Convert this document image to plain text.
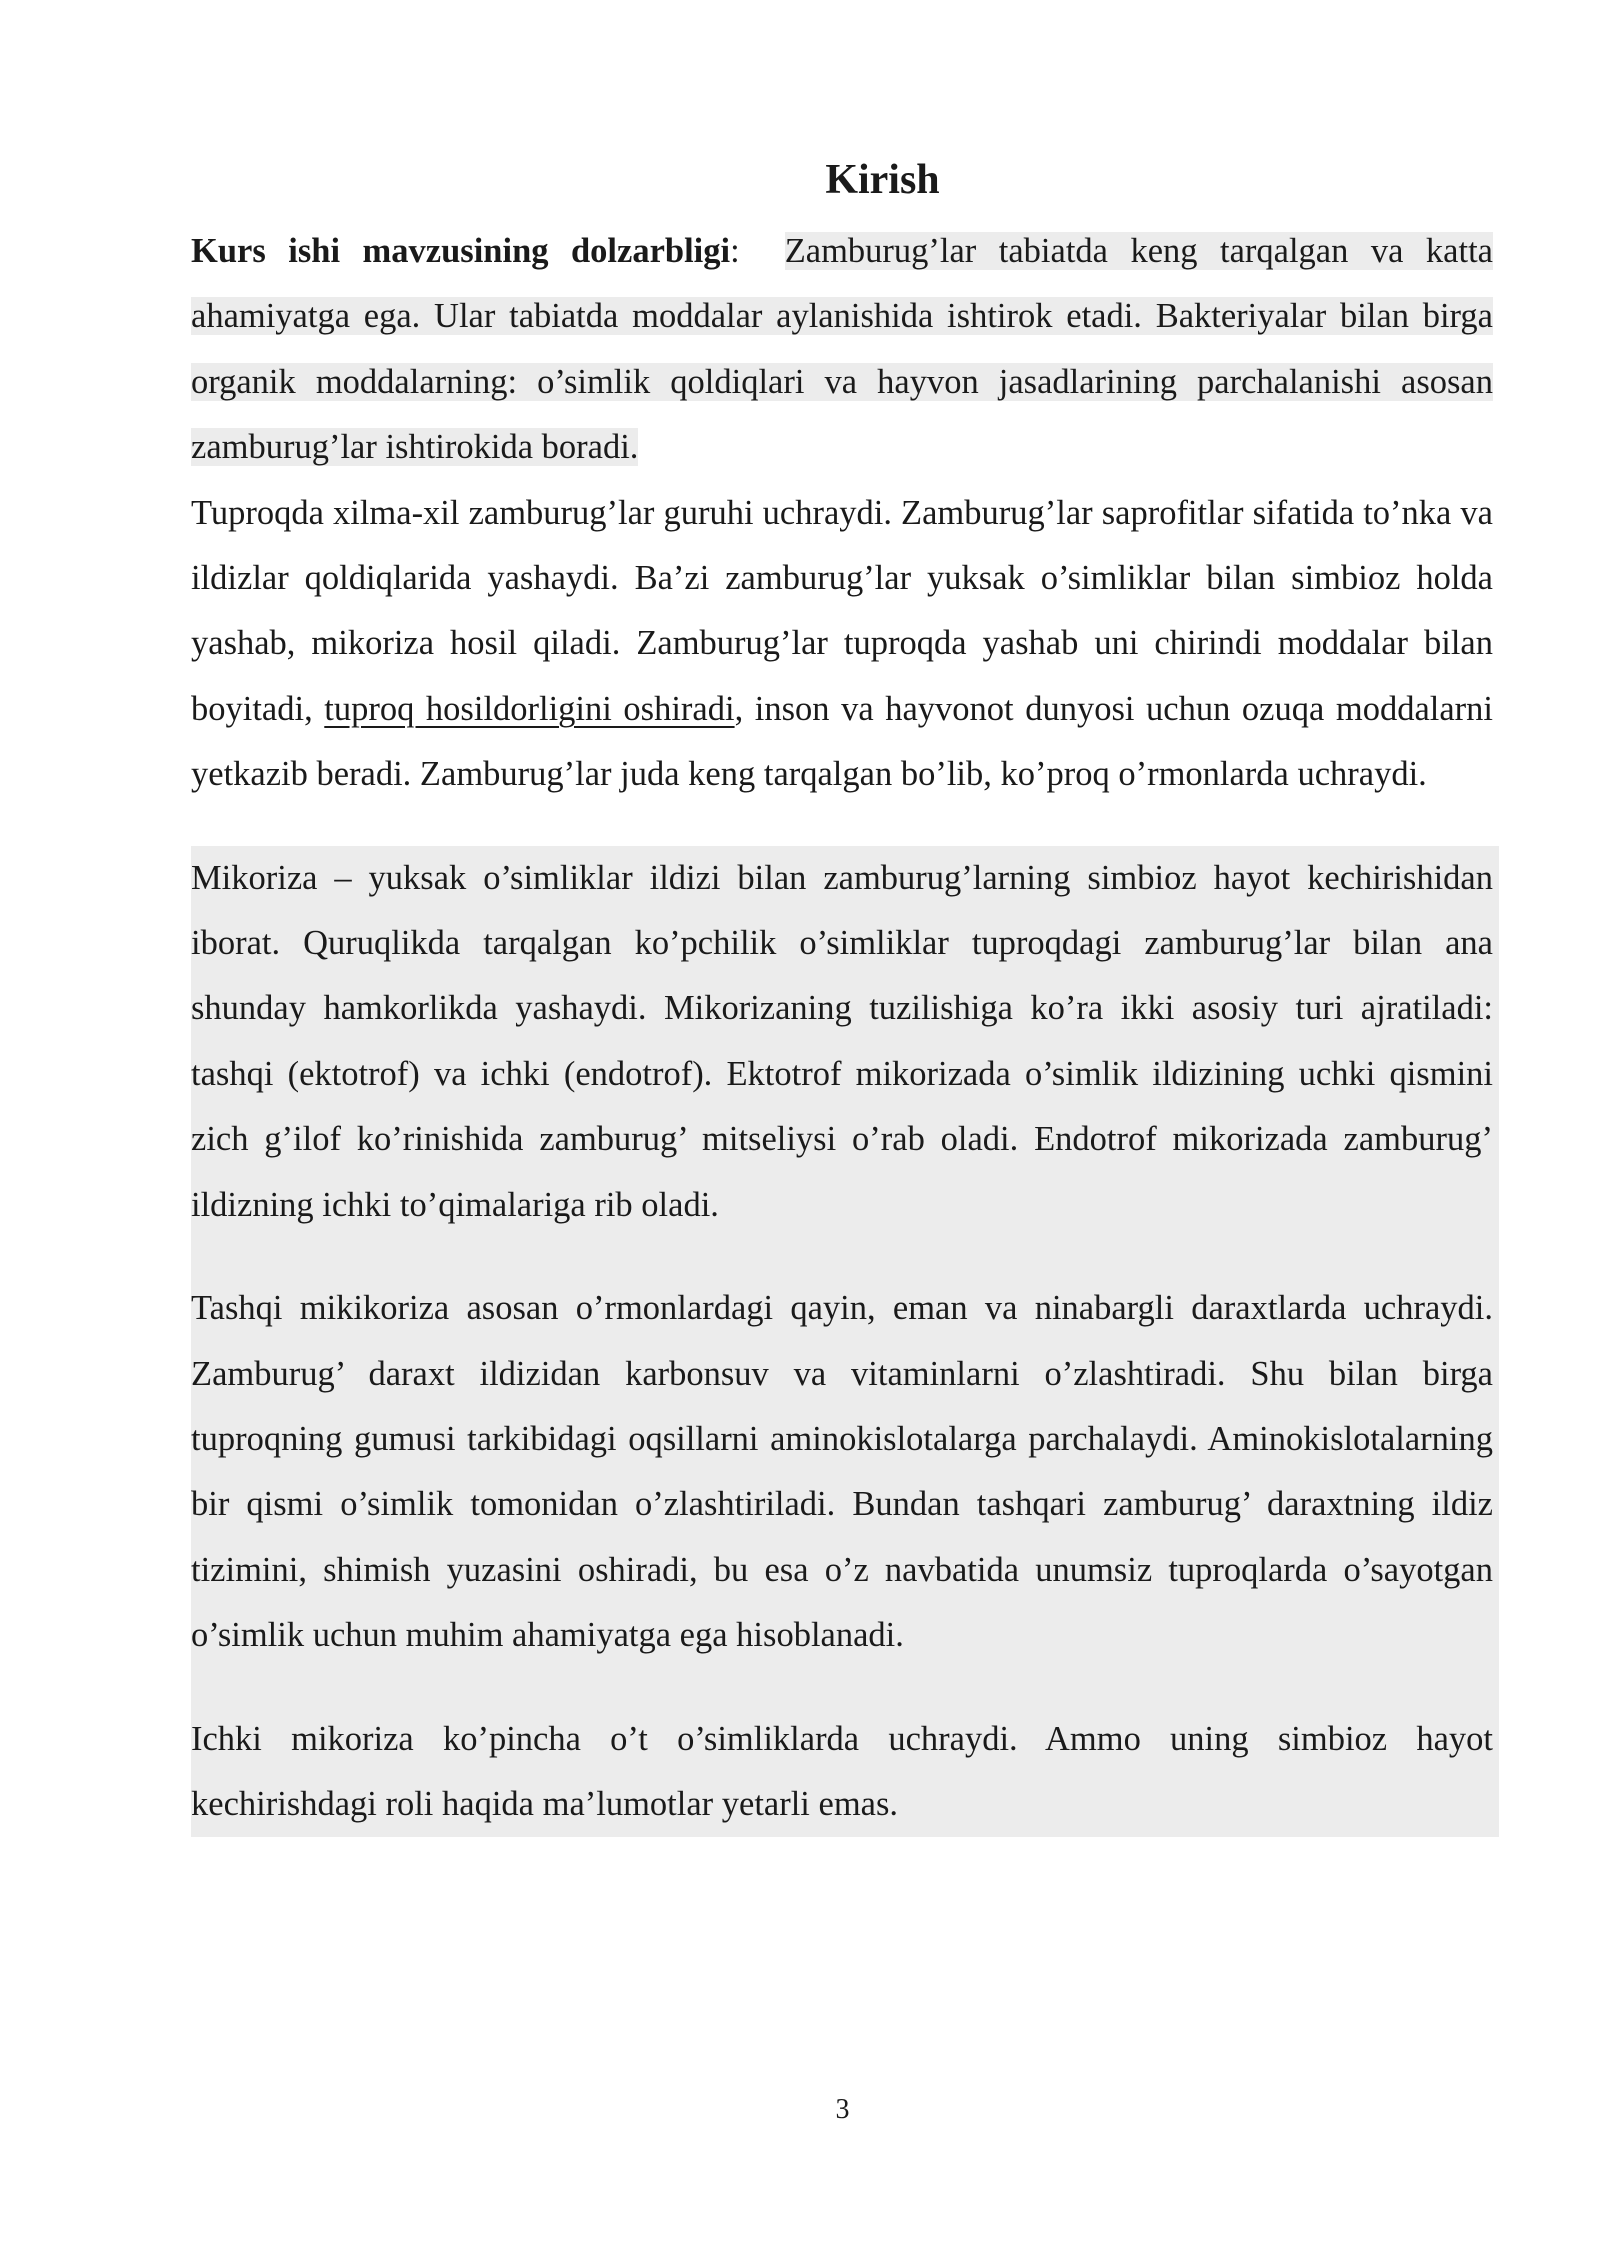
Kirish

Kurs ishi mavzusining dolzarbligi: Zamburug’lar tabiatda keng tarqalgan va katta ahamiyatga ega. Ular tabiatda moddalar aylanishida ishtirok etadi. Bakteriyalar bilan birga organik moddalarning: o’simlik qoldiqlari va hayvon jasadlarining parchalanishi asosan zamburug’lar ishtirokida boradi.

Tuproqda xilma-xil zamburug’lar guruhi uchraydi. Zamburug’lar saprofitlar sifatida to’nka va ildizlar qoldiqlarida yashaydi. Ba’zi zamburug’lar yuksak o’simliklar bilan simbioz holda yashab, mikoriza hosil qiladi. Zamburug’lar tuproqda yashab uni chirindi moddalar bilan boyitadi, tuproq hosildorligini oshiradi, inson va hayvonot dunyosi uchun ozuqa moddalarni yetkazib beradi. Zamburug’lar juda keng tarqalgan bo’lib, ko’proq o’rmonlarda uchraydi.

Mikoriza – yuksak o’simliklar ildizi bilan zamburug’larning simbioz hayot kechirishidan iborat. Quruqlikda tarqalgan ko’pchilik o’simliklar tuproqdagi zamburug’lar bilan ana shunday hamkorlikda yashaydi. Mikorizaning tuzilishiga ko’ra ikki asosiy turi ajratiladi: tashqi (ektotrof) va ichki (endotrof). Ektotrof mikorizada o’simlik ildizining uchki qismini zich g’ilof ko’rinishida zamburug’ mitseliysi o’rab oladi. Endotrof mikorizada zamburug’ ildizning ichki to’qimalariga rib oladi.

Tashqi mikikoriza asosan o’rmonlardagi qayin, eman va ninabargli daraxtlarda uchraydi. Zamburug’ daraxt ildizidan karbonsuv va vitaminlarni o’zlashtiradi. Shu bilan birga tuproqning gumusi tarkibidagi oqsillarni aminokislotalarga parchalaydi. Aminokislotalarning bir qismi o’simlik tomonidan o’zlashtiriladi. Bundan tashqari zamburug’ daraxtning ildiz tizimini, shimish yuzasini oshiradi, bu esa o’z navbatida unumsiz tuproqlarda o’sayotgan o’simlik uchun muhim ahamiyatga ega hisoblanadi.

Ichki mikoriza ko’pincha o’t o’simliklarda uchraydi. Ammo uning simbioz hayot kechirishdagi roli haqida ma’lumotlar yetarli emas.

3
